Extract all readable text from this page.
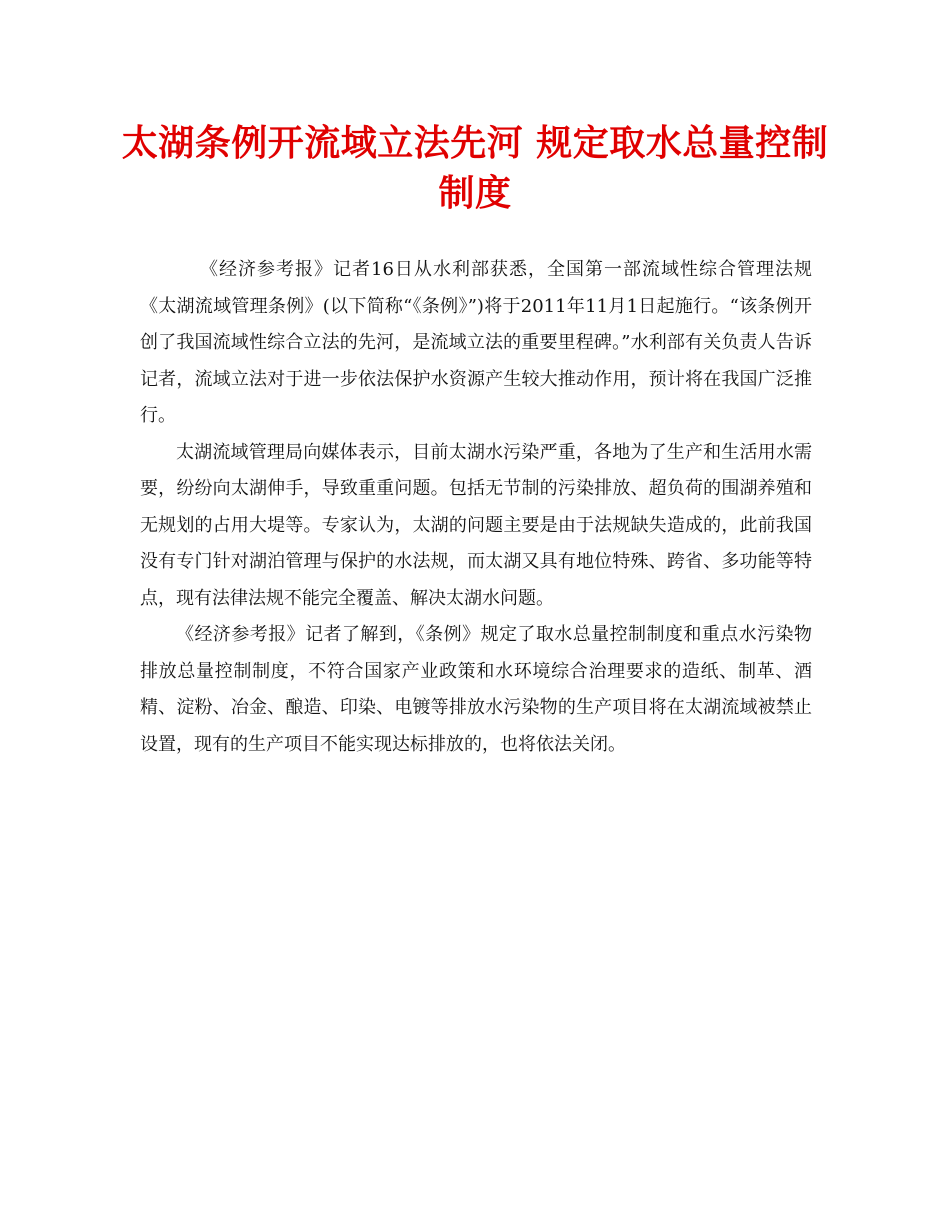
太湖条例开流域立法先河 规定取水总量控制制度

《经济参考报》记者16日从水利部获悉，全国第一部流域性综合管理法规《太湖流域管理条例》(以下简称“《条例》”)将于2011年11月1日起施行。“该条例开创了我国流域性综合立法的先河，是流域立法的重要里程碑。”水利部有关负责人告诉记者，流域立法对于进一步依法保护水资源产生较大推动作用，预计将在我国广泛推行。

太湖流域管理局向媒体表示，目前太湖水污染严重，各地为了生产和生活用水需要，纷纷向太湖伸手，导致重重问题。包括无节制的污染排放、超负荷的围湖养殖和无规划的占用大堤等。专家认为，太湖的问题主要是由于法规缺失造成的，此前我国没有专门针对湖泊管理与保护的水法规，而太湖又具有地位特殊、跨省、多功能等特点，现有法律法规不能完全覆盖、解决太湖水问题。

《经济参考报》记者了解到，《条例》规定了取水总量控制制度和重点水污染物排放总量控制制度，不符合国家产业政策和水环境综合治理要求的造纸、制革、酒精、淀粉、冶金、酿造、印染、电镀等排放水污染物的生产项目将在太湖流域被禁止设置，现有的生产项目不能实现达标排放的，也将依法关闭。
